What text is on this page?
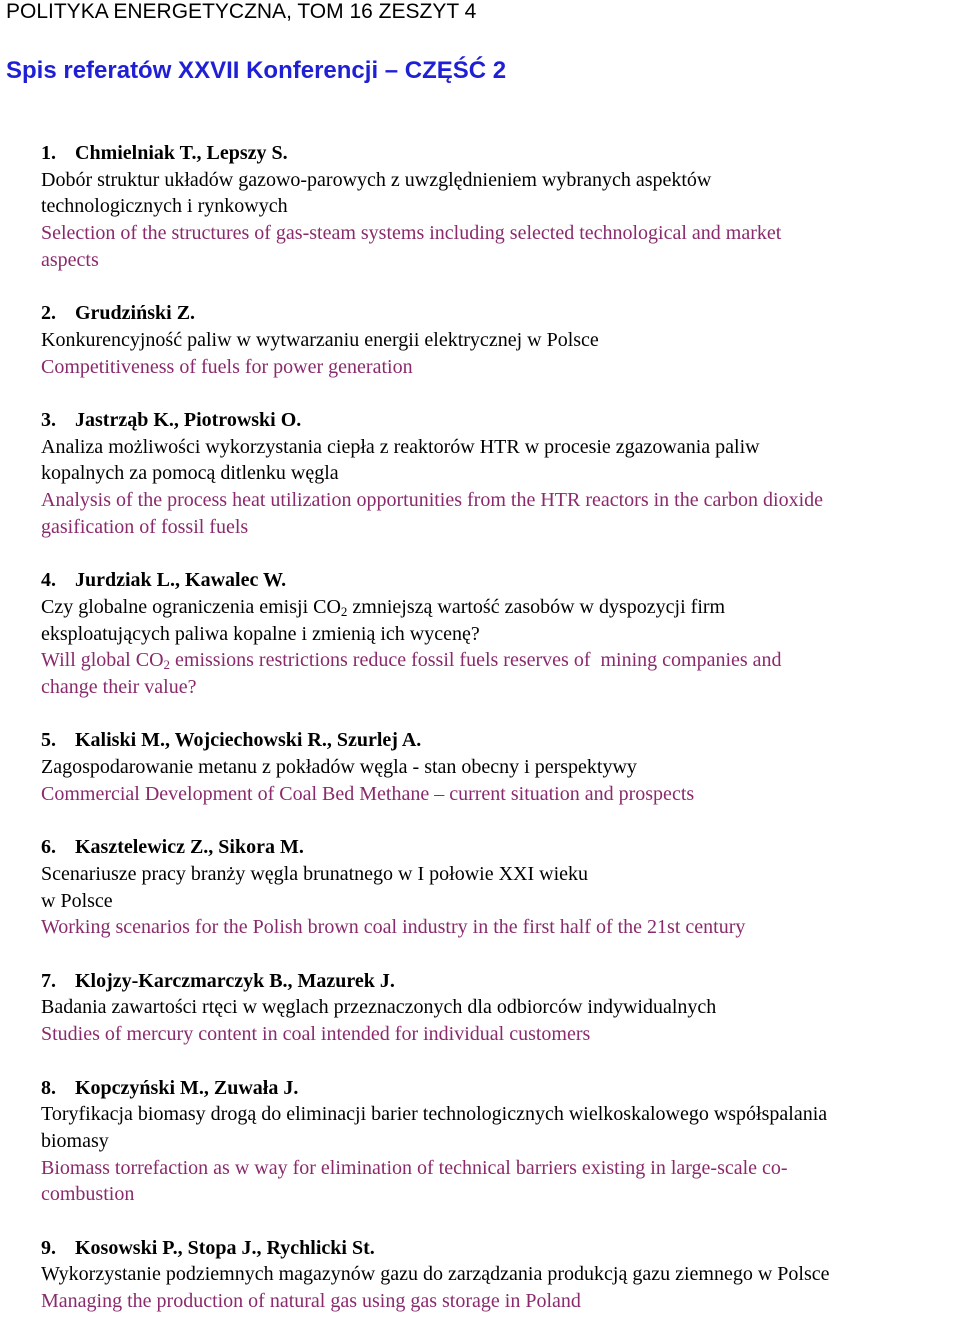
POLITYKA ENERGETYCZNA, TOM 16 ZESZYT 4
Spis referatów XXVII Konferencji – CZĘŚĆ 2
1. Chmielniak T., Lepszy S.
Dobór struktur układów gazowo-parowych z uwzględnieniem wybranych aspektów
technologicznych i rynkowych
Selection of the structures of gas-steam systems including selected technological and market
aspects
2. Grudziński Z.
Konkurencyjność paliw w wytwarzaniu energii elektrycznej w Polsce
Competitiveness of fuels for power generation
3. Jastrząb K., Piotrowski O.
Analiza możliwości wykorzystania ciepła z reaktorów HTR w procesie zgazowania paliw
kopalnych za pomocą ditlenku węgla
Analysis of the process heat utilization opportunities from the HTR reactors in the carbon dioxide
gasification of fossil fuels
4. Jurdziak L., Kawalec W.
Czy globalne ograniczenia emisji $CO_2$ zmniejszą wartość zasobów w dyspozycji firm
eksploatujących paliwa kopalne i zmienią ich wycenę?
Will global $CO_2$ emissions restrictions reduce fossil fuels reserves of  mining companies and
change their value?
5. Kaliski M., Wojciechowski R., Szurlej A.
Zagospodarowanie metanu z pokładów węgla - stan obecny i perspektywy
Commercial Development of Coal Bed Methane – current situation and prospects
6. Kasztelewicz Z., Sikora M.
Scenariusze pracy branży węgla brunatnego w I połowie XXI wieku
w Polsce
Working scenarios for the Polish brown coal industry in the first half of the 21st century
7. Klojzy-Karczmarczyk B., Mazurek J.
Badania zawartości rtęci w węglach przeznaczonych dla odbiorców indywidualnych
Studies of mercury content in coal intended for individual customers
8. Kopczyński M., Zuwała J.
Toryfikacja biomasy drogą do eliminacji barier technologicznych wielkoskalowego współspalania
biomasy
Biomass torrefaction as w way for elimination of technical barriers existing in large-scale co-
combustion
9. Kosowski P., Stopa J., Rychlicki St.
Wykorzystanie podziemnych magazynów gazu do zarządzania produkcją gazu ziemnego w Polsce
Managing the production of natural gas using gas storage in Poland
